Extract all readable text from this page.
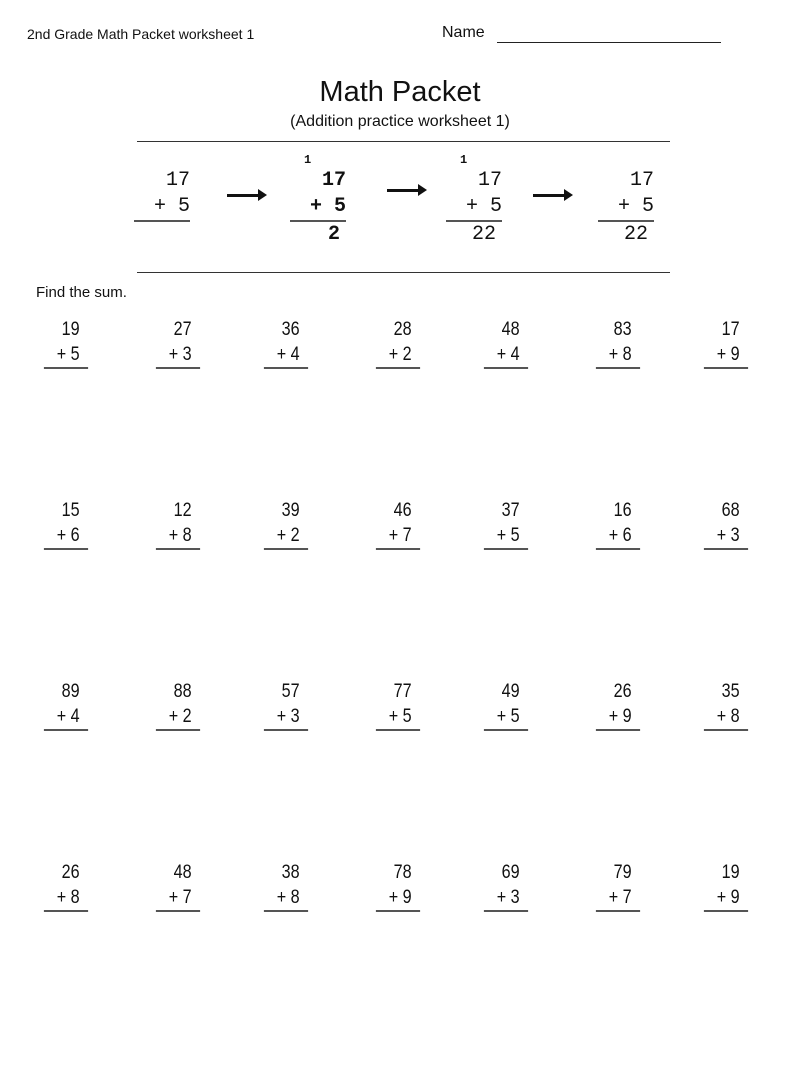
2nd Grade Math Packet worksheet 1	Name
Math Packet
(Addition practice worksheet 1)
17
+ 5
1
17
+ 5
2
1
17
+ 5
22
17
+ 5
22
Find the sum.
19
+ 5
27
+ 3
36
+ 4
28
+ 2
48
+ 4
83
+ 8
17
+ 9
15
+ 6
12
+ 8
39
+ 2
46
+ 7
37
+ 5
16
+ 6
68
+ 3
89
+ 4
88
+ 2
57
+ 3
77
+ 5
49
+ 5
26
+ 9
35
+ 8
26
+ 8
48
+ 7
38
+ 8
78
+ 9
69
+ 3
79
+ 7
19
+ 9
